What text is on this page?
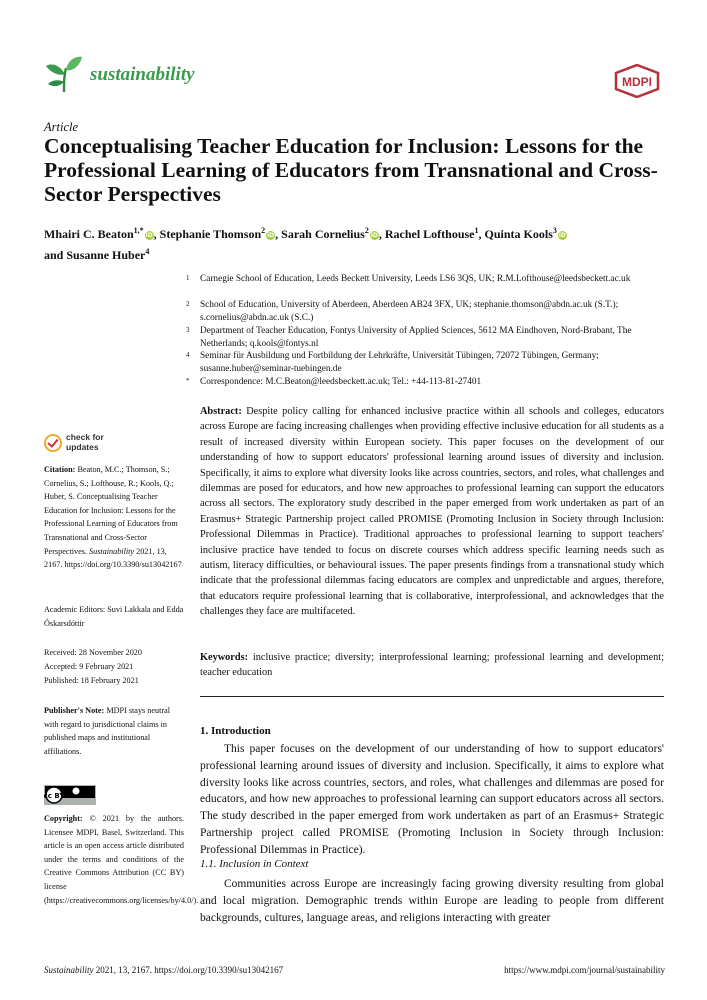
sustainability	MDPI
Article
Conceptualising Teacher Education for Inclusion: Lessons for the Professional Learning of Educators from Transnational and Cross-Sector Perspectives
Mhairi C. Beaton$^{1,*}$iD, Stephanie Thomson$^2$iD, Sarah Cornelius$^2$iD, Rachel Lofthouse$^1$, Quinta Kools$^3$iD
and Susanne Huber$^4$
1 Carnegie School of Education, Leeds Beckett University, Leeds LS6 3QS, UK; R.M.Lofthouse@leedsbeckett.ac.uk
2 School of Education, University of Aberdeen, Aberdeen AB24 3FX, UK; stephanie.thomson@abdn.ac.uk (S.T.); s.cornelius@abdn.ac.uk (S.C.)
3 Department of Teacher Education, Fontys University of Applied Sciences, 5612 MA Eindhoven, Nord-Brabant, The Netherlands; q.kools@fontys.nl
4 Seminar für Ausbildung und Fortbildung der Lehrkräfte, Universität Tübingen, 72072 Tübingen, Germany; susanne.huber@seminar-tuebingen.de
* Correspondence: M.C.Beaton@leedsbeckett.ac.uk; Tel.: +44-113-81-27401
Abstract: Despite policy calling for enhanced inclusive practice within all schools and colleges, educators across Europe are facing increasing challenges when providing effective inclusive education for all students as a result of increased diversity within European society. This paper focuses on the development of our understanding of how to support educators' professional learning around issues of diversity and inclusion. Specifically, it aims to explore what diversity looks like across countries, sectors, and roles, what challenges and dilemmas are posed for educators, and how new approaches to professional learning can support the educators across all sectors. The exploratory study described in the paper emerged from work undertaken as part of an Erasmus+ Strategic Partnership project called PROMISE (Promoting Inclusion in Society through Inclusion: Professional Dilemmas in Practice). Traditional approaches to professional learning to support teachers' inclusive practice have tended to focus on discrete courses which address specific learning needs such as autism, literacy difficulties, or behavioural issues. The paper presents findings from a transnational study which indicate that the professional dilemmas facing educators are complex and unpredictable and argues, therefore, that educators require professional learning that is collaborative, interprofessional, and acknowledges that the challenges they face are multifaceted.
Keywords: inclusive practice; diversity; interprofessional learning; professional learning and development; teacher education
check for updates
Citation: Beaton, M.C.; Thomson, S.; Cornelius, S.; Lofthouse, R.; Kools, Q.; Huber, S. Conceptualising Teacher Education for Inclusion: Lessons for the Professional Learning of Educators from Transnational and Cross-Sector Perspectives. Sustainability 2021, 13, 2167. https://doi.org/10.3390/su13042167
Academic Editors: Suvi Lakkala and Edda Óskarsdóttir
Received: 28 November 2020
Accepted: 9 February 2021
Published: 18 February 2021
Publisher's Note: MDPI stays neutral with regard to jurisdictional claims in published maps and institutional affiliations.
cc BY
Copyright: © 2021 by the authors. Licensee MDPI, Basel, Switzerland. This article is an open access article distributed under the terms and conditions of the Creative Commons Attribution (CC BY) license (https://creativecommons.org/licenses/by/4.0/).
1. Introduction

This paper focuses on the development of our understanding of how to support educators' professional learning around issues of diversity and inclusion. Specifically, it aims to explore what diversity looks like across countries, sectors, and roles, what challenges and dilemmas are posed for educators, and how new approaches to professional learning can support educators across all sectors. The study described in the paper emerged from work undertaken as part of an Erasmus+ Strategic Partnership project called PROMISE (Promoting Inclusion in Society through Inclusion: Professional Dilemmas in Practice).

1.1. Inclusion in Context

Communities across Europe are increasingly facing growing diversity resulting from global and local migration. Demographic trends within Europe are leading to people from different backgrounds, cultures, language areas, and religions interacting with greater

Sustainability 2021, 13, 2167. https://doi.org/10.3390/su13042167	https://www.mdpi.com/journal/sustainability
